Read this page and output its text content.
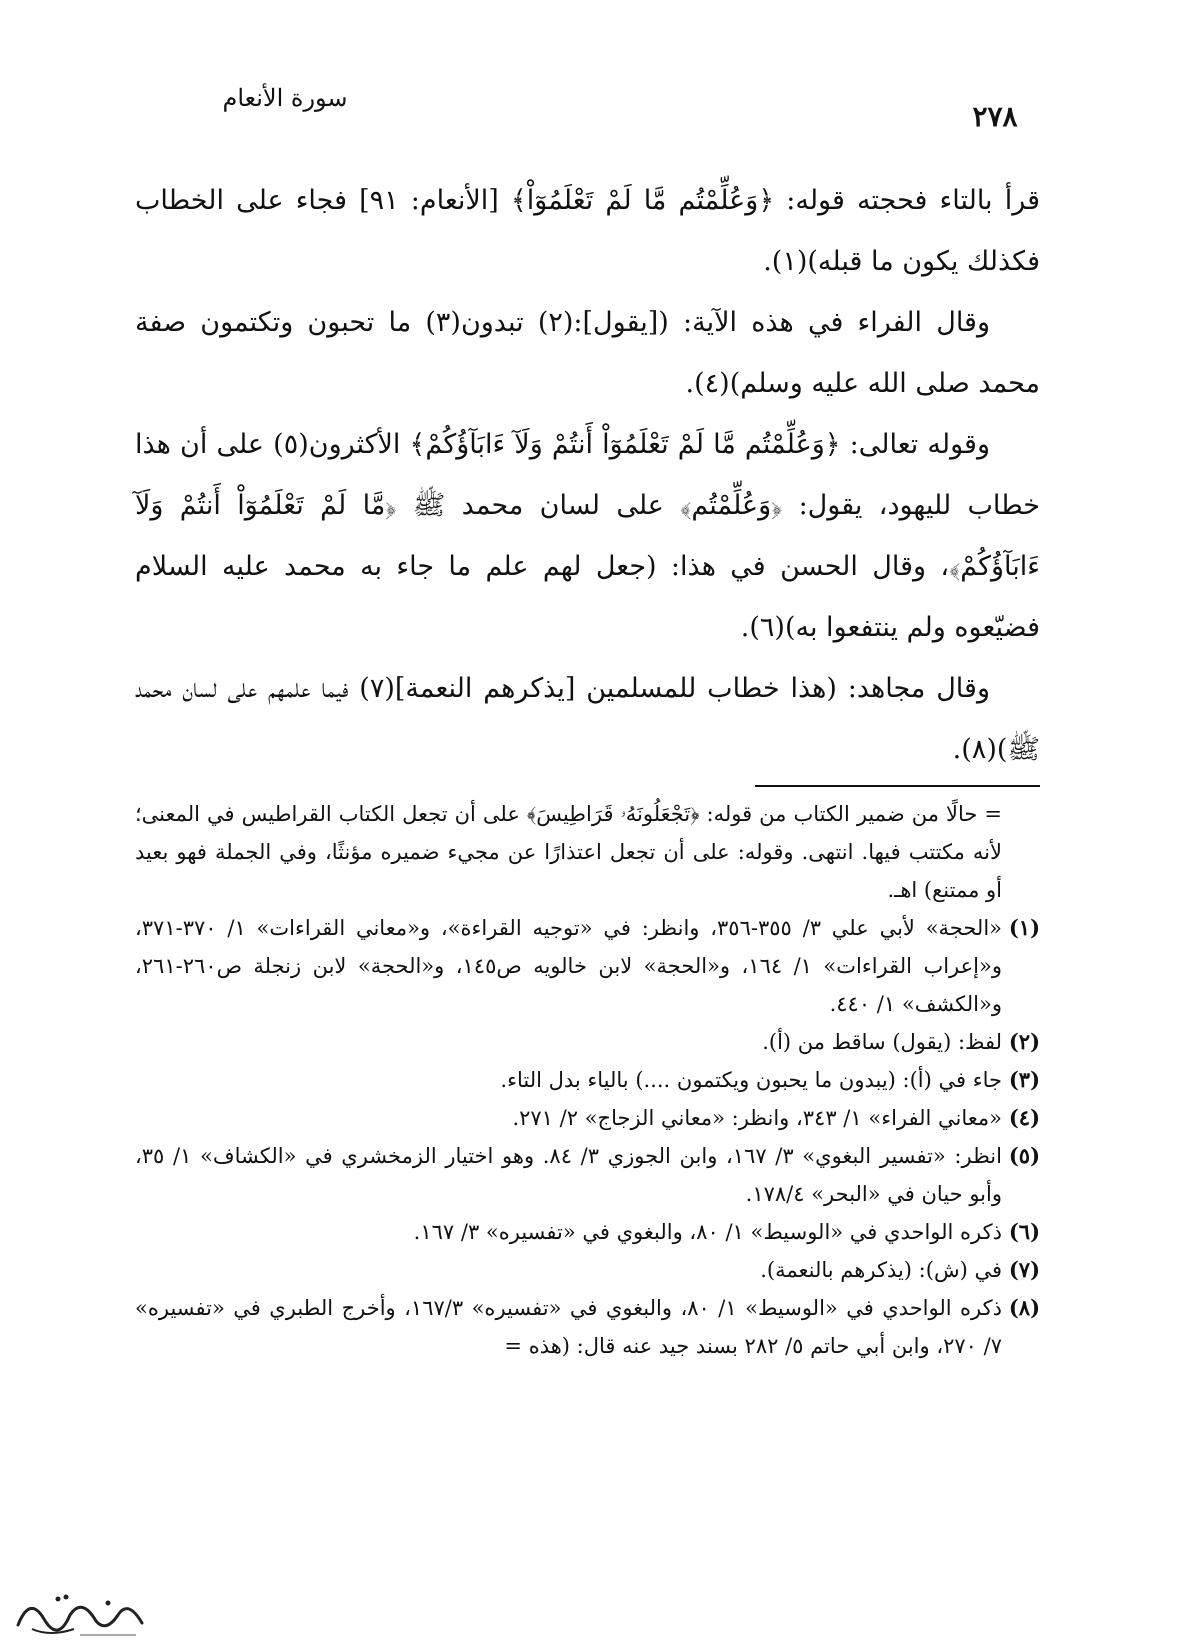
سورة الأنعام
٢٧٨

قرأ بالتاء فحجته قوله: ﴿وَعُلِّمْتُم مَّا لَمْ تَعْلَمُوٓاْ﴾ [الأنعام: ٩١] فجاء على الخطاب فكذلك يكون ما قبله)(١).

وقال الفراء في هذه الآية: ([يقول]:(٢) تبدون(٣) ما تحبون وتكتمون صفة محمد صلى الله عليه وسلم)(٤).

وقوله تعالى: ﴿وَعُلِّمْتُم مَّا لَمْ تَعْلَمُوٓاْ أَنتُمْ وَلَآ ءَابَآؤُكُمْ﴾ الأكثرون(٥) على أن هذا خطاب لليهود، يقول: ﴿وَعُلِّمْتُم﴾ على لسان محمد ﷺ ﴿مَّا لَمْ تَعْلَمُوٓاْ أَنتُمْ وَلَآ ءَابَآؤُكُمْ﴾، وقال الحسن في هذا: (جعل لهم علم ما جاء به محمد عليه السلام فضيّعوه ولم ينتفعوا به)(٦).

وقال مجاهد: (هذا خطاب للمسلمين [يذكرهم النعمة](٧) فيما علمهم على لسان محمد ﷺ)(٨).

= حالًا من ضمير الكتاب من قوله: ﴿تَجْعَلُونَهُۥ قَرَاطِيسَ﴾ على أن تجعل الكتاب القراطيس في المعنى؛ لأنه مكتتب فيها. انتهى. وقوله: على أن تجعل اعتذارًا عن مجيء ضميره مؤنثًا، وفي الجملة فهو بعيد أو ممتنع) اهـ.

(١)
«الحجة» لأبي علي ٣/ ٣٥٥-٣٥٦، وانظر: في «توجيه القراءة»، و«معاني القراءات» ١/ ٣٧٠-٣٧١، و«إعراب القراءات» ١/ ١٦٤، و«الحجة» لابن خالويه ص١٤٥، و«الحجة» لابن زنجلة ص٢٦٠-٢٦١، و«الكشف» ١/ ٤٤٠.

(٢)
لفظ: (يقول) ساقط من (أ).

(٣)
جاء في (أ): (يبدون ما يحبون ويكتمون ....) بالياء بدل التاء.

(٤)
«معاني الفراء» ١/ ٣٤٣، وانظر: «معاني الزجاج» ٢/ ٢٧١.

(٥)
انظر: «تفسير البغوي» ٣/ ١٦٧، وابن الجوزي ٣/ ٨٤. وهو اختيار الزمخشري في «الكشاف» ١/ ٣٥، وأبو حيان في «البحر» ١٧٨/٤.

(٦)
ذكره الواحدي في «الوسيط» ١/ ٨٠، والبغوي في «تفسيره» ٣/ ١٦٧.

(٧)
في (ش): (يذكرهم بالنعمة).

(٨)
ذكره الواحدي في «الوسيط» ١/ ٨٠، والبغوي في «تفسيره» ١٦٧/٣، وأخرج الطبري في «تفسيره» ٧/ ٢٧٠، وابن أبي حاتم ٥/ ٢٨٢ بسند جيد عنه قال: (هذه =
